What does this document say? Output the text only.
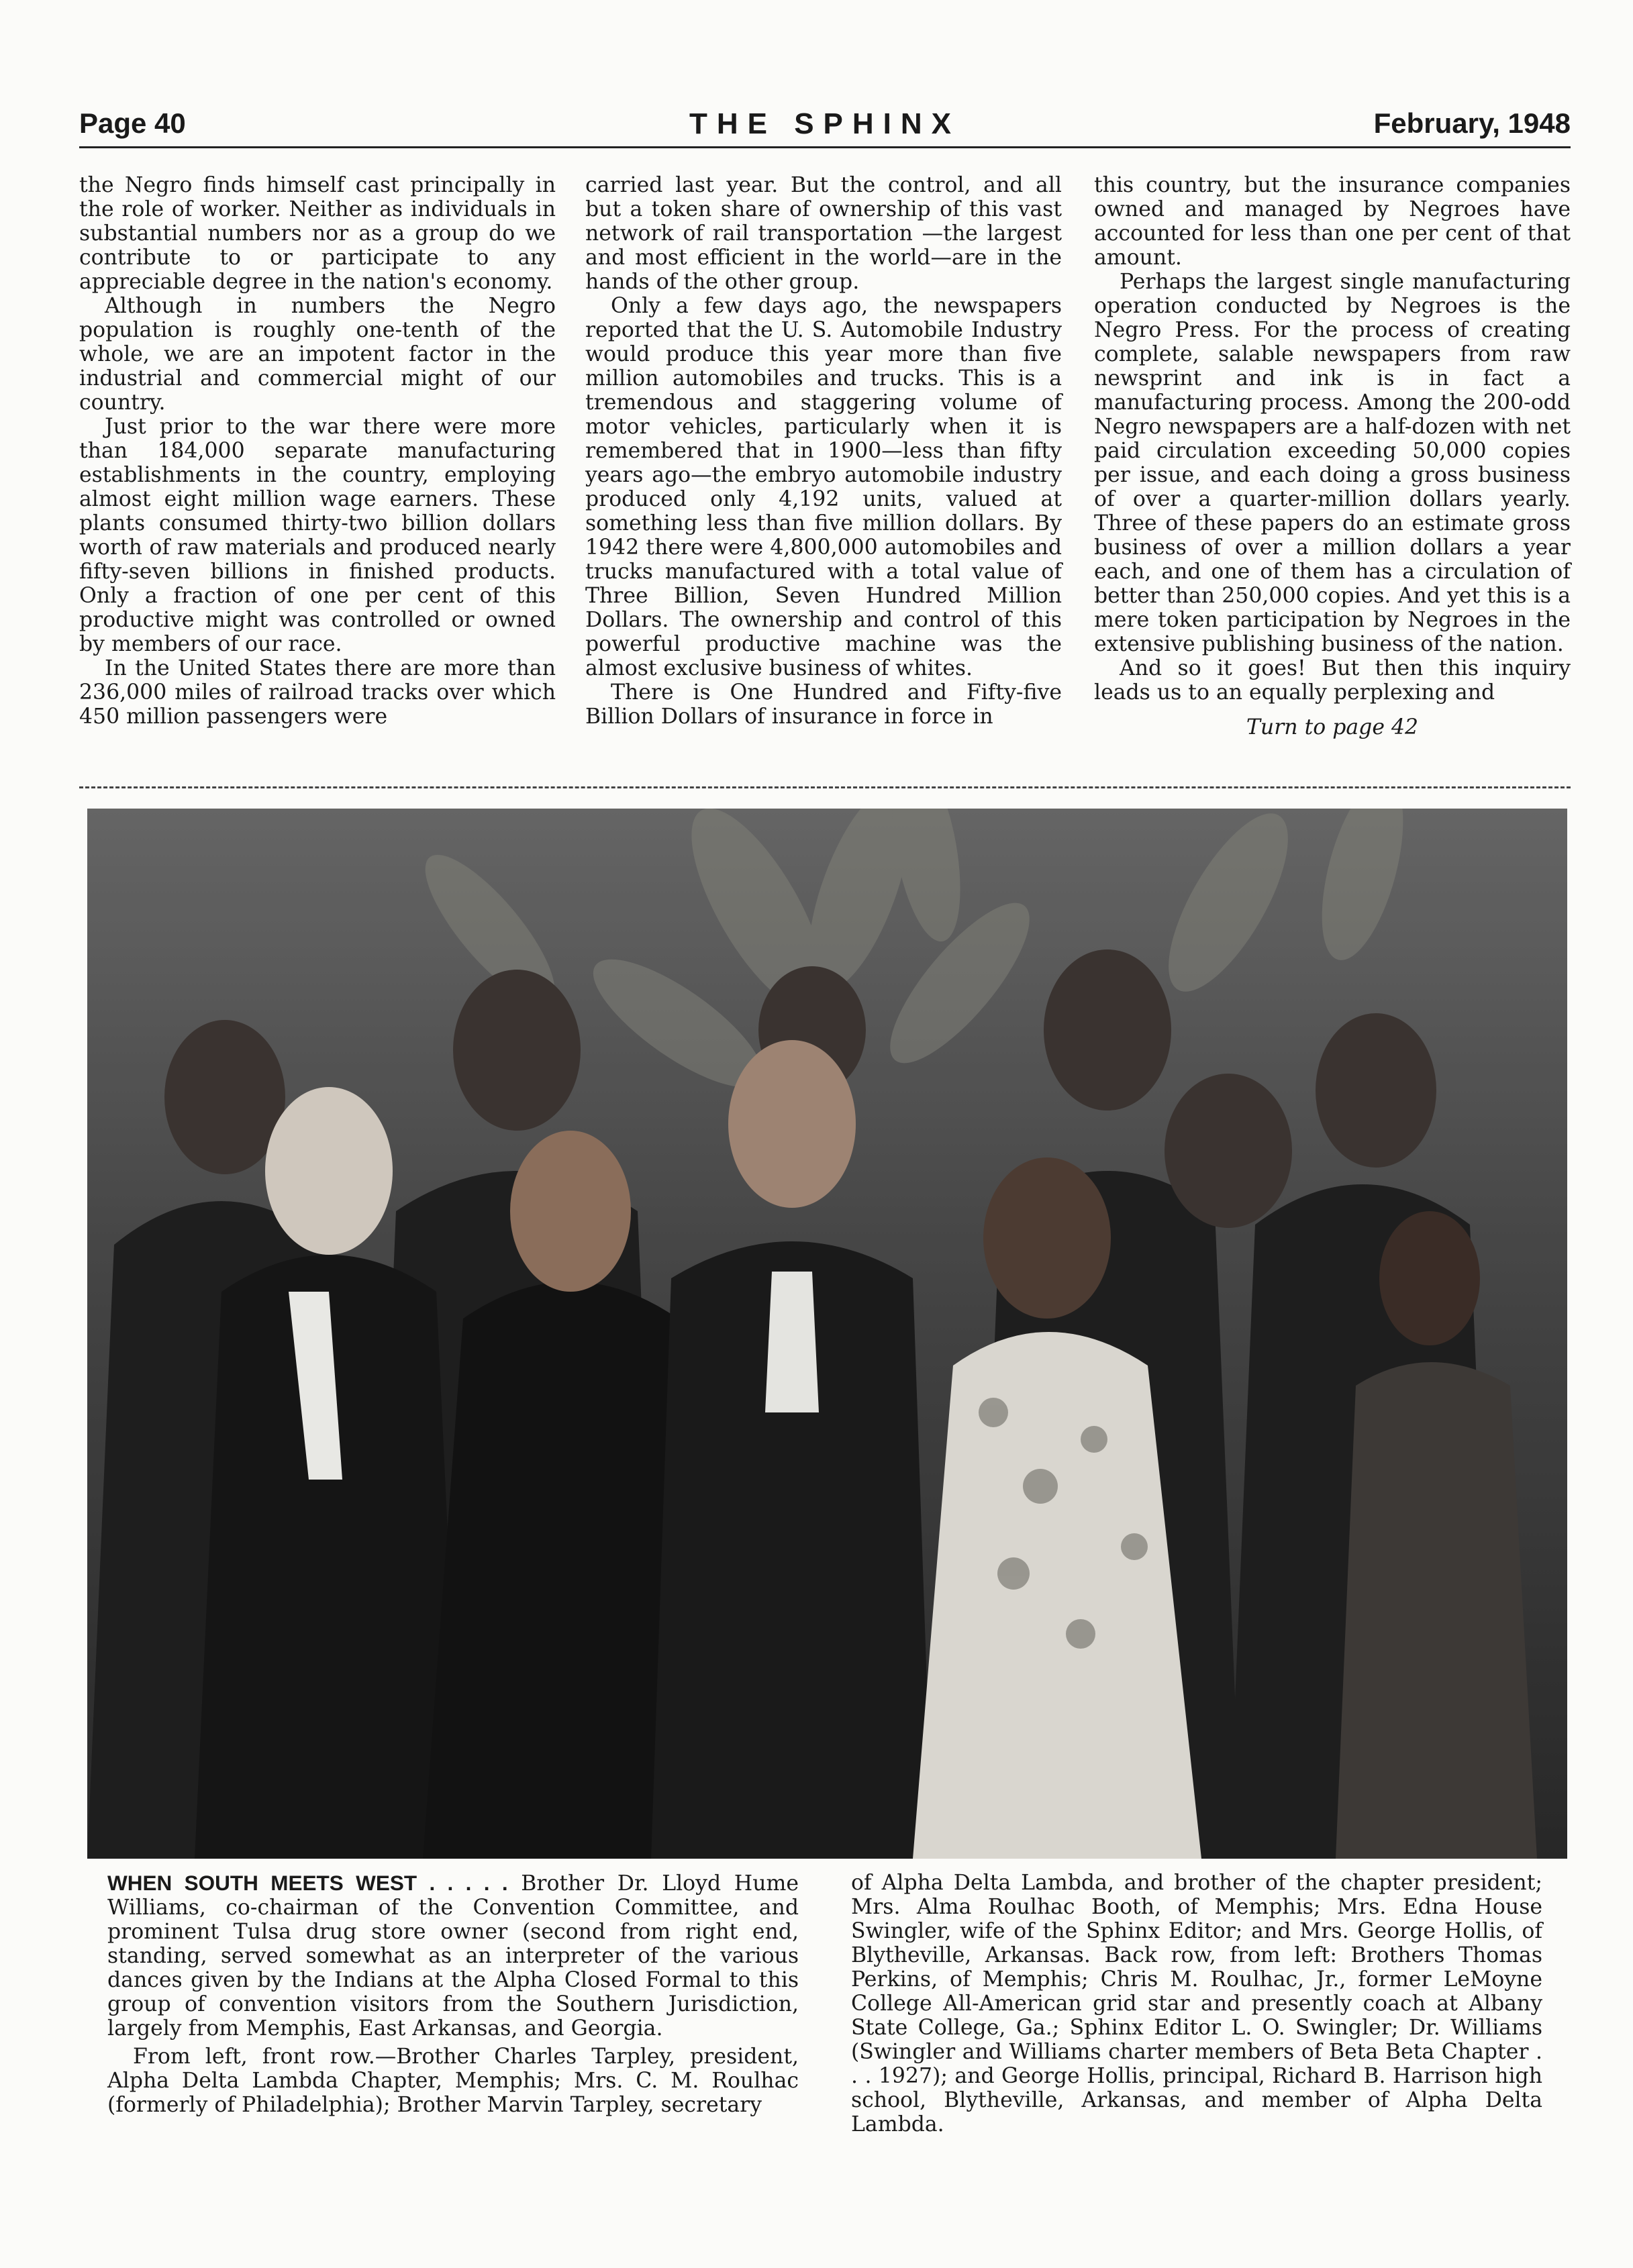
Page 40	THE SPHINX	February, 1948

the Negro finds himself cast principally in the role of worker. Neither as individuals in substantial numbers nor as a group do we contribute to or participate to any appreciable degree in the nation's economy.

Although in numbers the Negro population is roughly one-tenth of the whole, we are an impotent factor in the industrial and commercial might of our country.

Just prior to the war there were more than 184,000 separate manufacturing establishments in the country, employing almost eight million wage earners. These plants consumed thirty-two billion dollars worth of raw materials and produced nearly fifty-seven billions in finished products. Only a fraction of one per cent of this productive might was controlled or owned by members of our race.

In the United States there are more than 236,000 miles of railroad tracks over which 450 million passengers were

carried last year. But the control, and all but a token share of ownership of this vast network of rail transportation —the largest and most efficient in the world—are in the hands of the other group.

Only a few days ago, the newspapers reported that the U. S. Automobile Industry would produce this year more than five million automobiles and trucks. This is a tremendous and staggering volume of motor vehicles, particularly when it is remembered that in 1900—less than fifty years ago—the embryo automobile industry produced only 4,192 units, valued at something less than five million dollars. By 1942 there were 4,800,000 automobiles and trucks manufactured with a total value of Three Billion, Seven Hundred Million Dollars. The ownership and control of this powerful productive machine was the almost exclusive business of whites.

There is One Hundred and Fifty-five Billion Dollars of insurance in force in

this country, but the insurance companies owned and managed by Negroes have accounted for less than one per cent of that amount.

Perhaps the largest single manufacturing operation conducted by Negroes is the Negro Press. For the process of creating complete, salable newspapers from raw newsprint and ink is in fact a manufacturing process. Among the 200-odd Negro newspapers are a half-dozen with net paid circulation exceeding 50,000 copies per issue, and each doing a gross business of over a quarter-million dollars yearly. Three of these papers do an estimate gross business of over a million dollars a year each, and one of them has a circulation of better than 250,000 copies. And yet this is a mere token participation by Negroes in the extensive publishing business of the nation.

And so it goes! But then this inquiry leads us to an equally perplexing and

Turn to page 42

WHEN SOUTH MEETS WEST . . . . . Brother Dr. Lloyd Hume Williams, co-chairman of the Convention Committee, and prominent Tulsa drug store owner (second from right end, standing, served somewhat as an interpreter of the various dances given by the Indians at the Alpha Closed Formal to this group of convention visitors from the Southern Jurisdiction, largely from Memphis, East Arkansas, and Georgia.

From left, front row.—Brother Charles Tarpley, president, Alpha Delta Lambda Chapter, Memphis; Mrs. C. M. Roulhac (formerly of Philadelphia); Brother Marvin Tarpley, secretary

of Alpha Delta Lambda, and brother of the chapter president; Mrs. Alma Roulhac Booth, of Memphis; Mrs. Edna House Swingler, wife of the Sphinx Editor; and Mrs. George Hollis, of Blytheville, Arkansas. Back row, from left: Brothers Thomas Perkins, of Memphis; Chris M. Roulhac, Jr., former LeMoyne College All-American grid star and presently coach at Albany State College, Ga.; Sphinx Editor L. O. Swingler; Dr. Williams (Swingler and Williams charter members of Beta Beta Chapter . . . 1927); and George Hollis, principal, Richard B. Harrison high school, Blytheville, Arkansas, and member of Alpha Delta Lambda.
